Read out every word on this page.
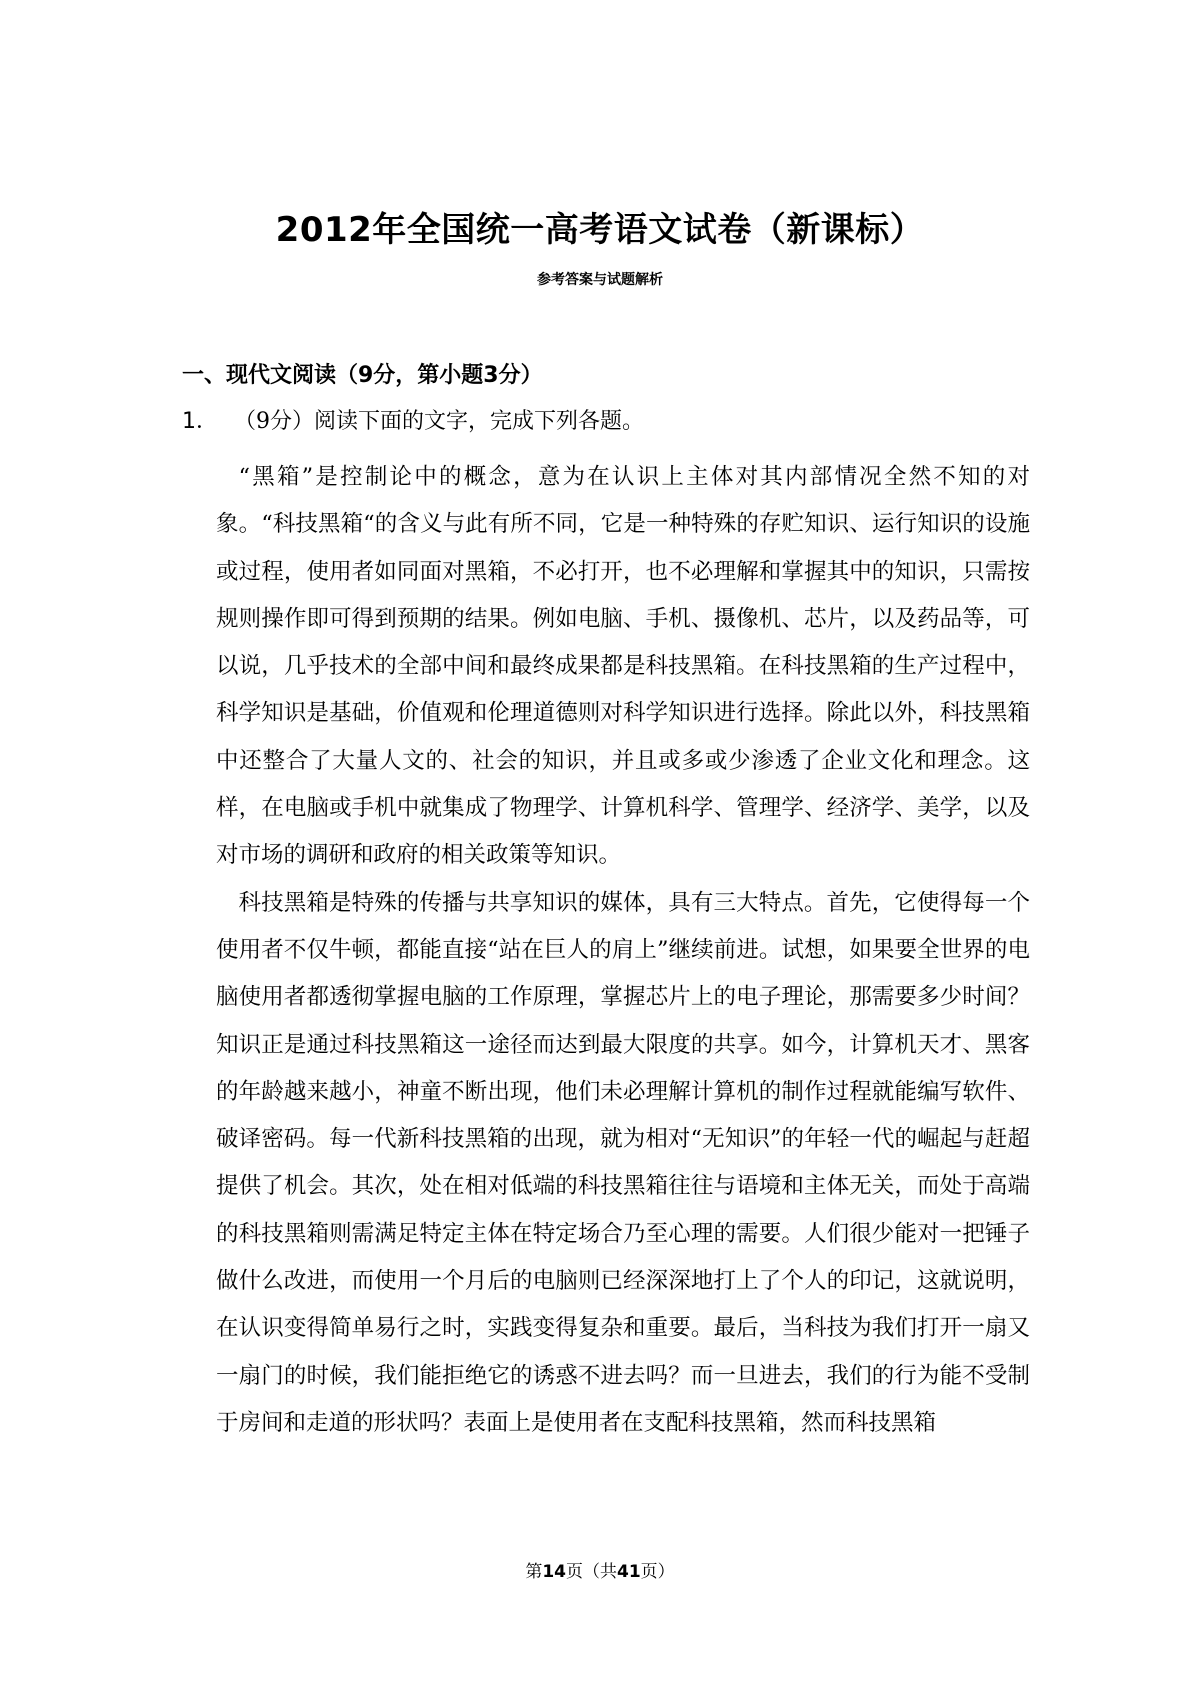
2012年全国统一高考语文试卷（新课标）
参考答案与试题解析
一、现代文阅读（9分，第小题3分）
1． （9分）阅读下面的文字，完成下列各题。

“黑箱”是控制论中的概念，意为在认识上主体对其内部情况全然不知的对象。“科技黑箱“的含义与此有所不同，它是一种特殊的存贮知识、运行知识的设施或过程，使用者如同面对黑箱，不必打开，也不必理解和掌握其中的知识，只需按规则操作即可得到预期的结果。例如电脑、手机、摄像机、芯片，以及药品等，可以说，几乎技术的全部中间和最终成果都是科技黑箱。在科技黑箱的生产过程中，科学知识是基础，价值观和伦理道德则对科学知识进行选择。除此以外，科技黑箱中还整合了大量人文的、社会的知识，并且或多或少渗透了企业文化和理念。这样，在电脑或手机中就集成了物理学、计算机科学、管理学、经济学、美学，以及对市场的调研和政府的相关政策等知识。

科技黑箱是特殊的传播与共享知识的媒体，具有三大特点。首先，它使得每一个使用者不仅牛顿，都能直接“站在巨人的肩上”继续前进。试想，如果要全世界的电脑使用者都透彻掌握电脑的工作原理，掌握芯片上的电子理论，那需要多少时间？知识正是通过科技黑箱这一途径而达到最大限度的共享。如今，计算机天才、黑客的年龄越来越小，神童不断出现，他们未必理解计算机的制作过程就能编写软件、破译密码。每一代新科技黑箱的出现，就为相对“无知识”的年轻一代的崛起与赶超提供了机会。其次，处在相对低端的科技黑箱往往与语境和主体无关，而处于高端的科技黑箱则需满足特定主体在特定场合乃至心理的需要。人们很少能对一把锤子做什么改进，而使用一个月后的电脑则已经深深地打上了个人的印记，这就说明，在认识变得简单易行之时，实践变得复杂和重要。最后，当科技为我们打开一扇又一扇门的时候，我们能拒绝它的诱惑不进去吗？而一旦进去，我们的行为能不受制于房间和走道的形状吗？表面上是使用者在支配科技黑箱，然而科技黑箱

第14页（共41页）
